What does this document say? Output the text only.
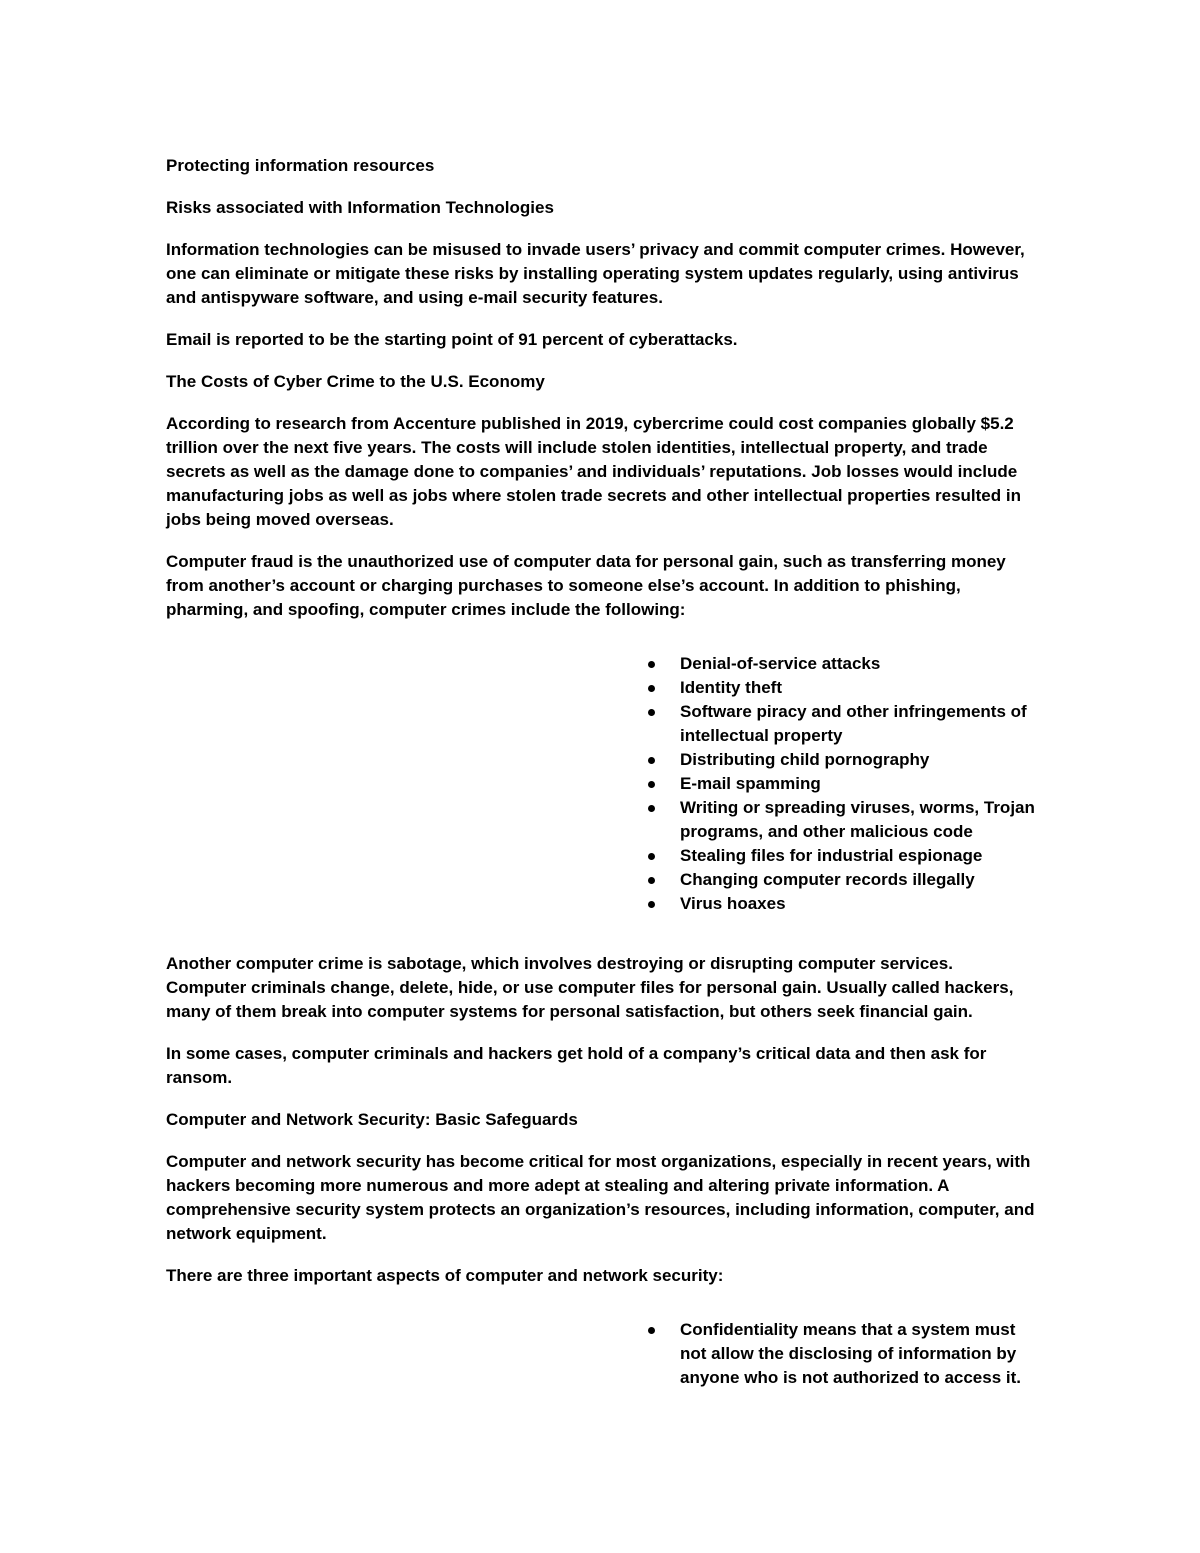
Protecting information resources

Risks associated with Information Technologies

Information technologies can be misused to invade users’ privacy and commit computer crimes. However, one can eliminate or mitigate these risks by installing operating system updates regularly, using antivirus and antispyware software, and using e-mail security features.

Email is reported to be the starting point of 91 percent of cyberattacks.

The Costs of Cyber Crime to the U.S. Economy

According to research from Accenture published in 2019, cybercrime could cost companies globally $5.2 trillion over the next five years. The costs will include stolen identities, intellectual property, and trade secrets as well as the damage done to companies’ and individuals’ reputations. Job losses would include manufacturing jobs as well as jobs where stolen trade secrets and other intellectual properties resulted in jobs being moved overseas.

Computer fraud is the unauthorized use of computer data for personal gain, such as transferring money from another’s account or charging purchases to someone else’s account. In addition to phishing, pharming, and spoofing, computer crimes include the following:

Denial-of-service attacks
Identity theft
Software piracy and other infringements of intellectual property
Distributing child pornography
E-mail spamming
Writing or spreading viruses, worms, Trojan programs, and other malicious code
Stealing files for industrial espionage
Changing computer records illegally
Virus hoaxes

Another computer crime is sabotage, which involves destroying or disrupting computer services. Computer criminals change, delete, hide, or use computer files for personal gain. Usually called hackers, many of them break into computer systems for personal satisfaction, but others seek financial gain.

In some cases, computer criminals and hackers get hold of a company’s critical data and then ask for ransom.

Computer and Network Security: Basic Safeguards

Computer and network security has become critical for most organizations, especially in recent years, with hackers becoming more numerous and more adept at stealing and altering private information. A comprehensive security system protects an organization’s resources, including information, computer, and network equipment.

There are three important aspects of computer and network security:

Confidentiality means that a system must not allow the disclosing of information by anyone who is not authorized to access it.
